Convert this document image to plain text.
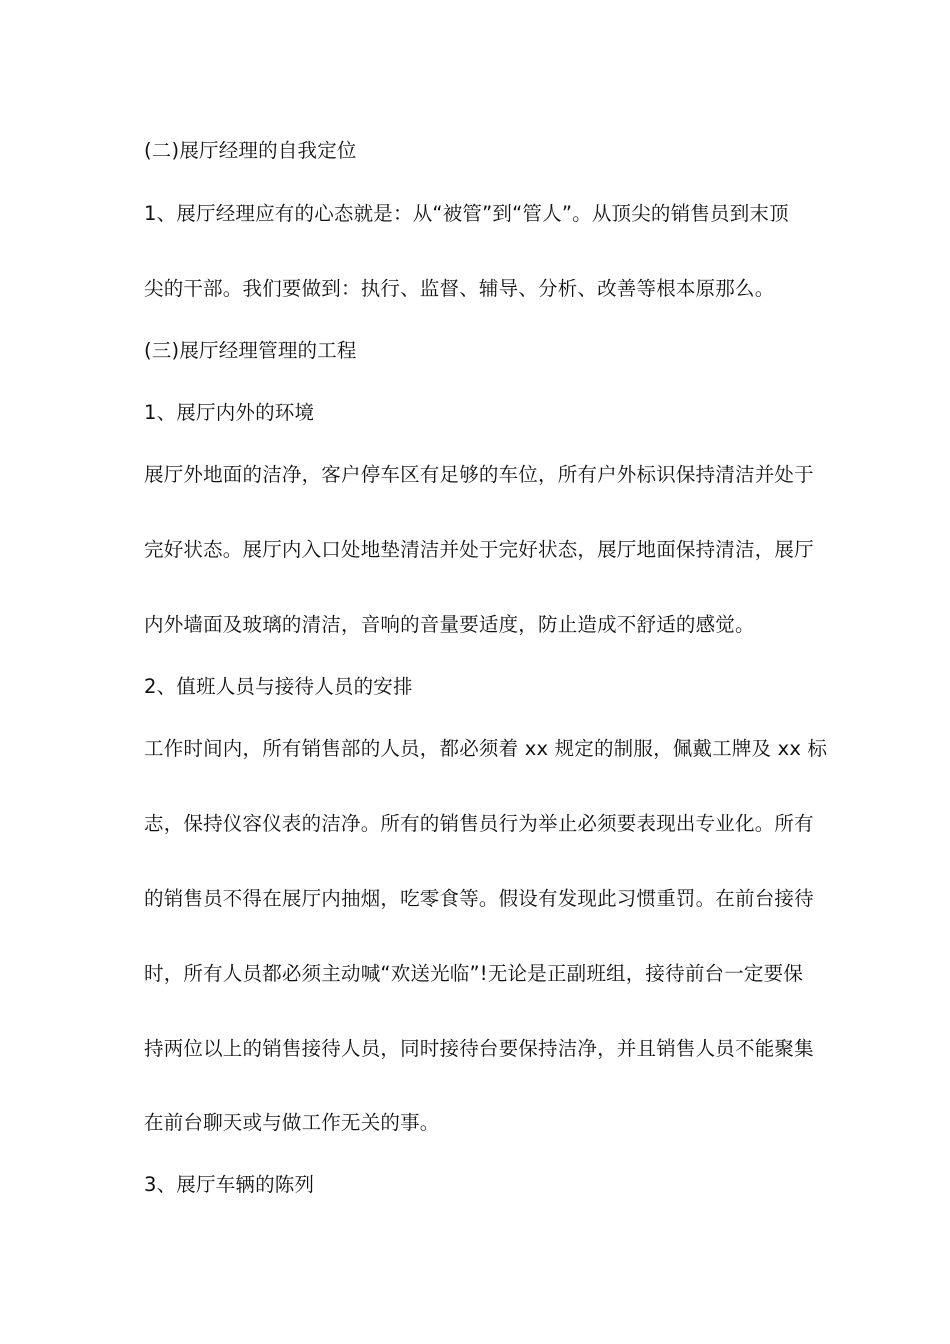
(二)展厅经理的自我定位
1、展厅经理应有的心态就是：从“被管”到“管人”。从顶尖的销售员到末顶
尖的干部。我们要做到：执行、监督、辅导、分析、改善等根本原那么。
(三)展厅经理管理的工程
1、展厅内外的环境
展厅外地面的洁净，客户停车区有足够的车位，所有户外标识保持清洁并处于
完好状态。展厅内入口处地垫清洁并处于完好状态，展厅地面保持清洁，展厅
内外墙面及玻璃的清洁，音响的音量要适度，防止造成不舒适的感觉。
2、值班人员与接待人员的安排
工作时间内，所有销售部的人员，都必须着 xx 规定的制服，佩戴工牌及 xx 标
志，保持仪容仪表的洁净。所有的销售员行为举止必须要表现出专业化。所有
的销售员不得在展厅内抽烟，吃零食等。假设有发现此习惯重罚。在前台接待
时，所有人员都必须主动喊“欢送光临”!无论是正副班组，接待前台一定要保
持两位以上的销售接待人员，同时接待台要保持洁净，并且销售人员不能聚集
在前台聊天或与做工作无关的事。
3、展厅车辆的陈列
